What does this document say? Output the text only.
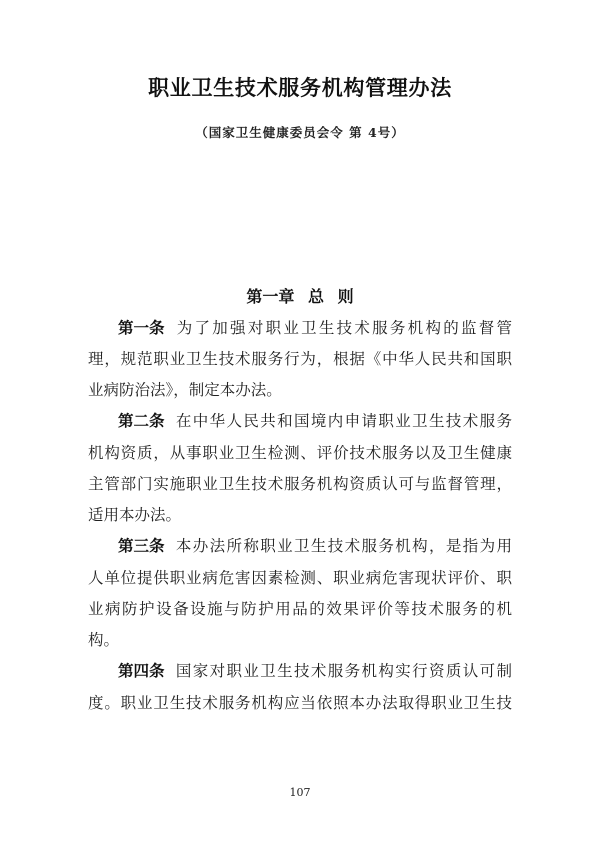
职业卫生技术服务机构管理办法
（国家卫生健康委员会令 第 4号）
第一章 总 则
第一条 为了加强对职业卫生技术服务机构的监督管
理，规范职业卫生技术服务行为，根据《中华人民共和国职
业病防治法》，制定本办法。
第二条 在中华人民共和国境内申请职业卫生技术服务
机构资质，从事职业卫生检测、评价技术服务以及卫生健康
主管部门实施职业卫生技术服务机构资质认可与监督管理，
适用本办法。
第三条 本办法所称职业卫生技术服务机构，是指为用
人单位提供职业病危害因素检测、职业病危害现状评价、职
业病防护设备设施与防护用品的效果评价等技术服务的机
构。
第四条 国家对职业卫生技术服务机构实行资质认可制
度。职业卫生技术服务机构应当依照本办法取得职业卫生技
107
